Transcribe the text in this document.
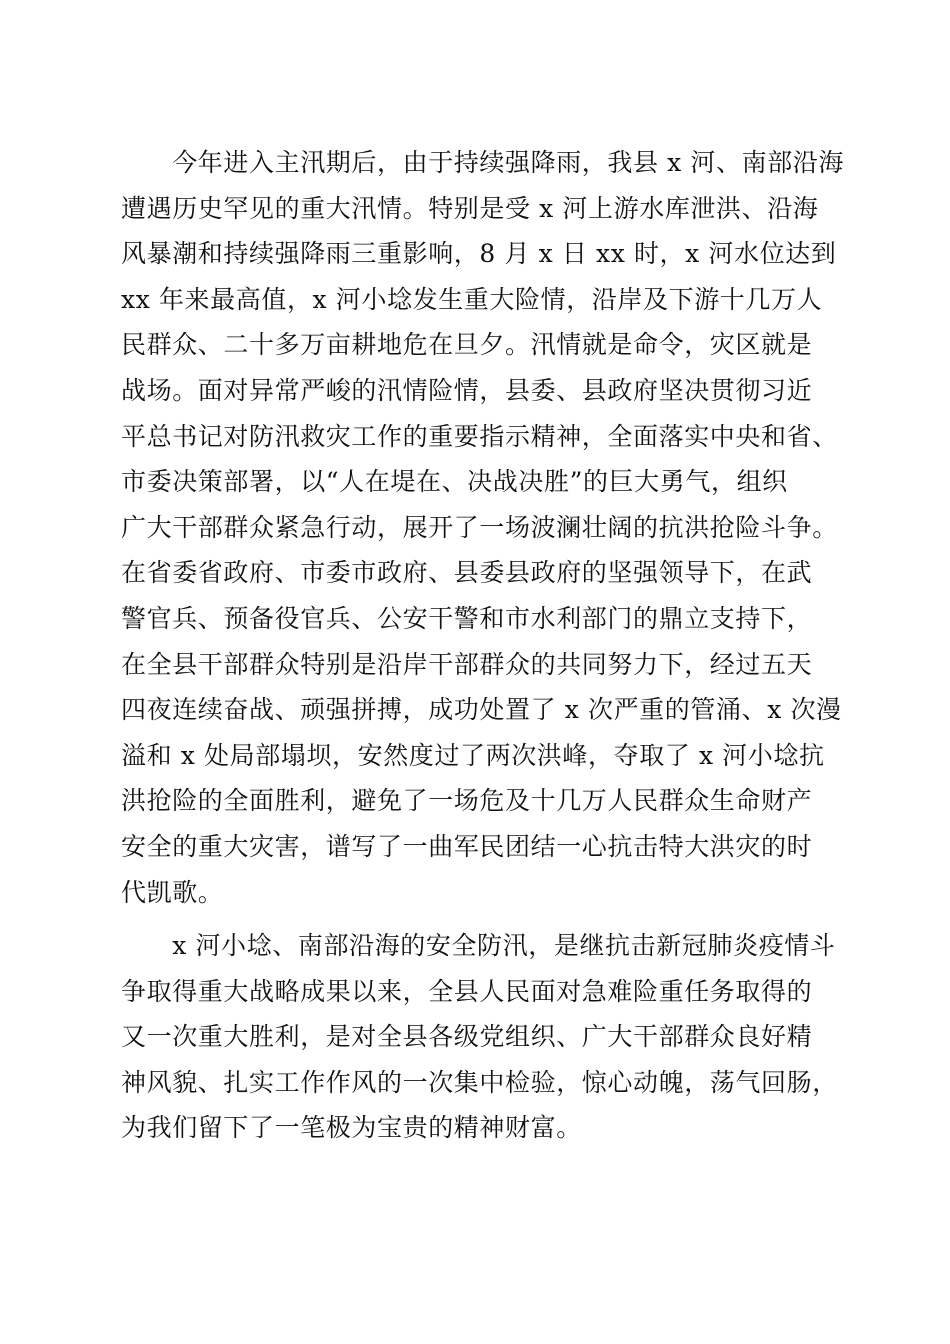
　　今年进入主汛期后，由于持续强降雨，我县 x 河、南部沿海
遭遇历史罕见的重大汛情。特别是受 x 河上游水库泄洪、沿海
风暴潮和持续强降雨三重影响，8 月 x 日 xx 时，x 河水位达到
xx 年来最高值，x 河小埝发生重大险情，沿岸及下游十几万人
民群众、二十多万亩耕地危在旦夕。汛情就是命令，灾区就是
战场。面对异常严峻的汛情险情，县委、县政府坚决贯彻习近
平总书记对防汛救灾工作的重要指示精神，全面落实中央和省、
市委决策部署，以“人在堤在、决战决胜”的巨大勇气，组织
广大干部群众紧急行动，展开了一场波澜壮阔的抗洪抢险斗争。
在省委省政府、市委市政府、县委县政府的坚强领导下，在武
警官兵、预备役官兵、公安干警和市水利部门的鼎立支持下，
在全县干部群众特别是沿岸干部群众的共同努力下，经过五天
四夜连续奋战、顽强拼搏，成功处置了 x 次严重的管涌、x 次漫
溢和 x 处局部塌坝，安然度过了两次洪峰，夺取了 x 河小埝抗
洪抢险的全面胜利，避免了一场危及十几万人民群众生命财产
安全的重大灾害，谱写了一曲军民团结一心抗击特大洪灾的时
代凯歌。
　　x 河小埝、南部沿海的安全防汛，是继抗击新冠肺炎疫情斗
争取得重大战略成果以来，全县人民面对急难险重任务取得的
又一次重大胜利，是对全县各级党组织、广大干部群众良好精
神风貌、扎实工作作风的一次集中检验，惊心动魄，荡气回肠，
为我们留下了一笔极为宝贵的精神财富。
